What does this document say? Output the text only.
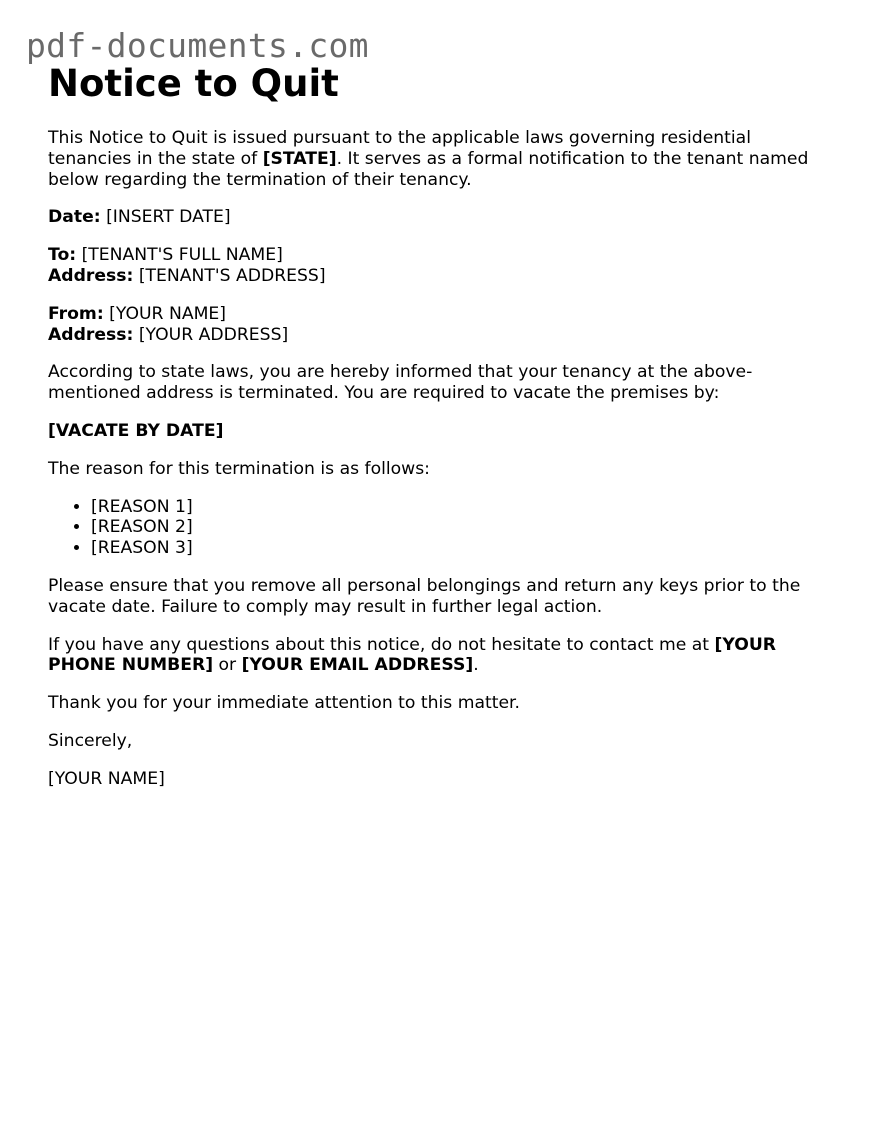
pdf-documents.com
Notice to Quit

This Notice to Quit is issued pursuant to the applicable laws governing residential tenancies in the state of [STATE]. It serves as a formal notification to the tenant named below regarding the termination of their tenancy.

Date: [INSERT DATE]

To: [TENANT'S FULL NAME]
Address: [TENANT'S ADDRESS]

From: [YOUR NAME]
Address: [YOUR ADDRESS]

According to state laws, you are hereby informed that your tenancy at the above-mentioned address is terminated. You are required to vacate the premises by:

[VACATE BY DATE]

The reason for this termination is as follows:

• [REASON 1]
• [REASON 2]
• [REASON 3]

Please ensure that you remove all personal belongings and return any keys prior to the vacate date. Failure to comply may result in further legal action.

If you have any questions about this notice, do not hesitate to contact me at [YOUR PHONE NUMBER] or [YOUR EMAIL ADDRESS].

Thank you for your immediate attention to this matter.

Sincerely,

[YOUR NAME]
